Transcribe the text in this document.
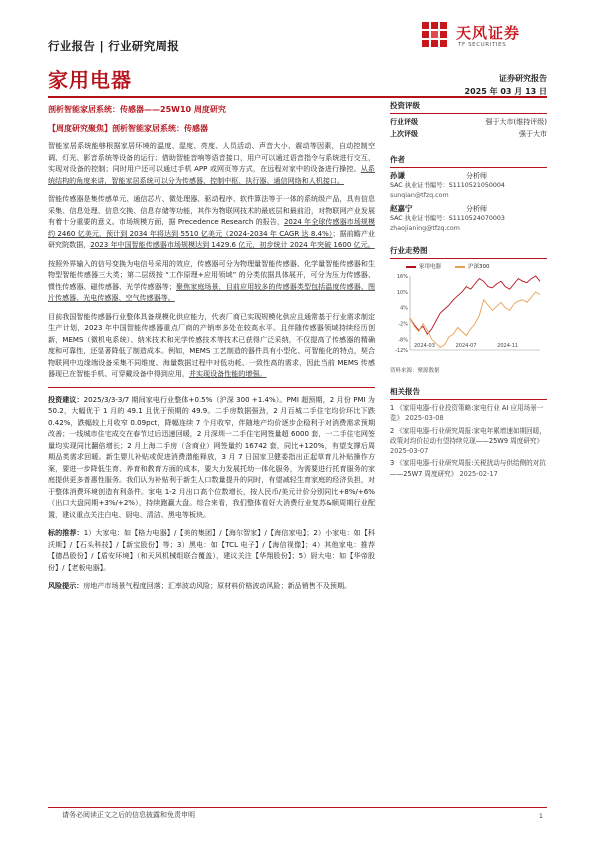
行业报告 | 行业研究周报
家用电器
天风证券
TF SECURITIES
证券研究报告
2025 年 03 月 13 日
剖析智能家居系统：传感器——25W10 周度研究
【周度研究聚焦】剖析智能家居系统：传感器

智能家居系统能够根据家居环境的温度、湿度、亮度、人员活动、声音大小、震动等因素，自动控制空调、灯光、影音系统等设备的运行；借助智能音响等语音接口，用户可以通过语音指令与系统进行交互，实现对设备的控制；同时用户还可以通过手机 APP 或网页等方式，在远程对家中的设备进行操控。从系统结构的角度来讲，智能家居系统可以分为传感器、控制中枢、执行器、通信网络和人机接口。

智能传感器是集传感单元、通信芯片、微处理器、驱动程序、软件算法等于一体的系统级产品，具有信息采集、信息处理、信息交换、信息存储等功能，其作为物联网技术的最底层和最前沿，对物联网产业发展有着十分重要的意义。市场规模方面，据 Precedence Research 的报告，2024 年全球传感器市场规模约 2460 亿美元，预计到 2034 年将达到 5510 亿美元（2024-2034 年 CAGR 达 8.4%）；据前瞻产业研究院数据，2023 年中国智能传感器市场规模达到 1429.6 亿元，初步统计 2024 年突破 1600 亿元。

按照外界输入的信号变换为电信号采用的效应，传感器可分为物理量智能传感器、化学量智能传感器和生物型智能传感器三大类；第二层级按 “工作原理+应用领域” 的分类依据具体展开，可分为压力传感器、惯性传感器、磁传感器、光学传感器等；聚焦家庭场景，目前应用较多的传感器类型包括温度传感器、图片传感器、光电传感器、空气传感器等。

目前我国智能传感器行业整体具备规模化供应能力，代表厂商已实现规模化供应且通常基于行业需求制定生产计划，2023 年中国智能传感器重点厂商的产销率多处在较高水平。且伴随传感器领域持续经历创新，MEMS（微机电系统）、纳米技术和光学传感技术等技术已获得广泛采纳，不仅提高了传感器的精确度和可靠性，还显著降低了制造成本。例如，MEMS 工艺制造的器件具有小型化、可智能化的特点，契合物联网中边缘端设备采集不同维度、海量数据过程中对低功耗、一致性高的需求，因此当前 MEMS 传感器现已在智能手机、可穿戴设备中得到应用，并实现设备性能的增强。

投资建议：2025/3/3-3/7 期间家电行业整体+0.5%（沪深 300 +1.4%）。PMI 超预期，2 月份 PMI 为 50.2，大幅优于 1 月的 49.1 且优于预期的 49.9。二手房数据强劲，2 月百城二手住宅均价环比下跌 0.42%，跌幅较上月收窄 0.09pct，降幅连续 7 个月收窄，伴随地产均价逐步企稳利于对消费需求预期改善；一线城市住宅成交在春节过后迅速回暖，2 月深圳一二手住宅网签量超 6000 套，一二手住宅网签量均实现同比翻倍增长；2 月上海二手房（含商业）网签量约 16742 套，同比+120%，有望支撑后周期品类需求回暖。新生婴儿补贴或促进消费潜能释放，3 月 7 日国家卫健委指出正起草育儿补贴操作方案，要进一步降低生育、养育和教育方面的成本，要大力发展托幼一体化服务，为需要进行托育服务的家庭提供更多普惠性服务。我们认为补贴利于新生人口数量提升的同时，有望减轻生育家庭的经济负担，对于整体消费环境创造有利条件。家电 1-2 月出口高个位数增长，按人民币/美元计价分别同比+8%/+6%（出口大盘同期+3%/+2%），持续跑赢大盘。综合来看，我们整体看好大消费行业复苏&顺周期行业配置，建议重点关注白电、厨电、清洁、黑电等板块。

标的推荐：1）大家电：如【格力电器】/【美的集团】/【海尔智家】/【海信家电】；2）小家电：如【科沃斯】/【石头科技】/【新宝股份】等；3）黑电：如【TCL 电子】/【海信视像】；4）其他家电：推荐【德昌股份】/【盾安环境】（和天风机械组联合覆盖），建议关注【华翔股份】；5）厨大电：如【华帝股份】/【老板电器】。

风险提示：房地产市场景气程度回落；汇率波动风险；原材料价格波动风险；新品销售不及预期。

投资评级
行业评级	强于大市(维持评级)
上次评级	强于大市
作者
孙谦	分析师
SAC 执业证书编号：S1110521050004
sunqian@tfzq.com
赵嘉宁	分析师
SAC 执业证书编号：S1110524070003
zhaojianing@tfzq.com
行业走势图
家用电器	沪深300
16%
10%
4%
-2%
-8%
-12%
2024-03	2024-07	2024-11
资料来源：聚源数据
相关报告
1 《家用电器-行业投资策略:家电行业 AI 应用场景一览》 2025-03-08
2 《家用电器-行业研究周报:家电年累增速如期回暖，政策对均价拉动有望持续兑现——25W9 周度研究》 2025-03-07
3 《家用电器-行业研究周报:关税扰动与供给侧的对抗——25W7 周度研究》 2025-02-17
请务必阅读正文之后的信息披露和免责申明	1
